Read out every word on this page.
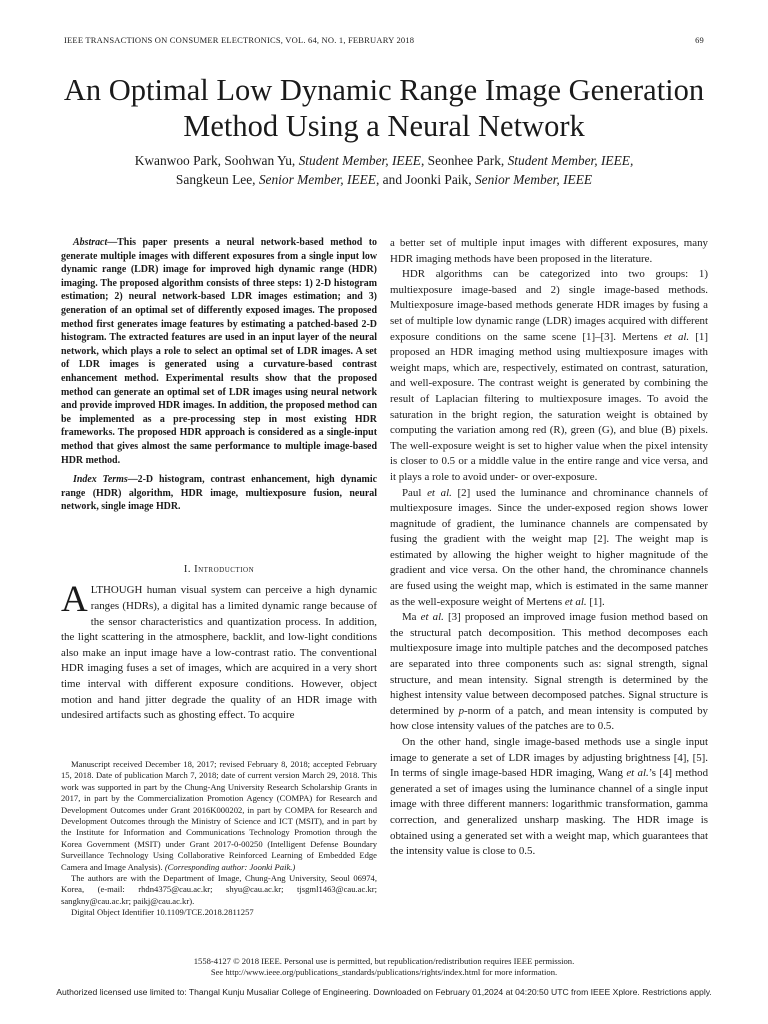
IEEE TRANSACTIONS ON CONSUMER ELECTRONICS, VOL. 64, NO. 1, FEBRUARY 2018	69
An Optimal Low Dynamic Range Image Generation
Method Using a Neural Network
Kwanwoo Park, Soohwan Yu, Student Member, IEEE, Seonhee Park, Student Member, IEEE,
Sangkeun Lee, Senior Member, IEEE, and Joonki Paik, Senior Member, IEEE

Abstract—This paper presents a neural network-based method to generate multiple images with different exposures from a single input low dynamic range (LDR) image for improved high dynamic range (HDR) imaging. The proposed algorithm consists of three steps: 1) 2-D histogram estimation; 2) neural network-based LDR images estimation; and 3) generation of an optimal set of differently exposed images. The proposed method first generates image features by estimating a patched-based 2-D histogram. The extracted features are used in an input layer of the neural network, which plays a role to select an optimal set of LDR images. A set of LDR images is generated using a curvature-based contrast enhancement method. Experimental results show that the proposed method can generate an optimal set of LDR images using neural network and provide improved HDR images. In addition, the proposed method can be implemented as a pre-processing step in most existing HDR frameworks. The proposed HDR approach is considered as a single-input method that gives almost the same performance to multiple image-based HDR method.

Index Terms—2-D histogram, contrast enhancement, high dynamic range (HDR) algorithm, HDR image, multiexposure fusion, neural network, single image HDR.

I. Introduction

ALTHOUGH human visual system can perceive a high dynamic ranges (HDRs), a digital has a limited dynamic range because of the sensor characteristics and quantization process. In addition, the light scattering in the atmosphere, backlit, and low-light conditions also make an input image have a low-contrast ratio. The conventional HDR imaging fuses a set of images, which are acquired in a very short time interval with different exposure conditions. However, object motion and hand jitter degrade the quality of an HDR image with undesired artifacts such as ghosting effect. To acquire

Manuscript received December 18, 2017; revised February 8, 2018; accepted February 15, 2018. Date of publication March 7, 2018; date of current version March 29, 2018. This work was supported in part by the Chung-Ang University Research Scholarship Grants in 2017, in part by the Commercialization Promotion Agency (COMPA) for Research and Development Outcomes under Grant 2016K000202, in part by COMPA for Research and Development Outcomes through the Ministry of Science and ICT (MSIT), and in part by the Institute for Information and Communications Technology Promotion through the Korea Government (MSIT) under Grant 2017-0-00250 (Intelligent Defense Boundary Surveillance Technology Using Collaborative Reinforced Learning of Embedded Edge Camera and Image Analysis). (Corresponding author: Joonki Paik.)

The authors are with the Department of Image, Chung-Ang University, Seoul 06974, Korea, (e-mail: rhdn4375@cau.ac.kr; shyu@cau.ac.kr; tjsgml1463@cau.ac.kr; sangkny@cau.ac.kr; paikj@cau.ac.kr).

Digital Object Identifier 10.1109/TCE.2018.2811257

a better set of multiple input images with different exposures, many HDR imaging methods have been proposed in the literature.

HDR algorithms can be categorized into two groups: 1) multiexposure image-based and 2) single image-based methods. Multiexposure image-based methods generate HDR images by fusing a set of multiple low dynamic range (LDR) images acquired with different exposure conditions on the same scene [1]–[3]. Mertens et al. [1] proposed an HDR imaging method using multiexposure images with weight maps, which are, respectively, estimated on contrast, saturation, and well-exposure. The contrast weight is generated by combining the result of Laplacian filtering to multiexposure images. To avoid the saturation in the bright region, the saturation weight is obtained by computing the variation among red (R), green (G), and blue (B) pixels. The well-exposure weight is set to higher value when the pixel intensity is closer to 0.5 or a middle value in the entire range and vice versa, and it plays a role to avoid under- or over-exposure.

Paul et al. [2] used the luminance and chrominance channels of multiexposure images. Since the under-exposed region shows lower magnitude of gradient, the luminance channels are compensated by fusing the gradient with the weight map [2]. The weight map is estimated by allowing the higher weight to higher magnitude of the gradient and vice versa. On the other hand, the chrominance channels are fused using the weight map, which is estimated in the same manner as the well-exposure weight of Mertens et al. [1].

Ma et al. [3] proposed an improved image fusion method based on the structural patch decomposition. This method decomposes each multiexposure image into multiple patches and the decomposed patches are separated into three components such as: signal strength, signal structure, and mean intensity. Signal strength is determined by the highest intensity value between decomposed patches. Signal structure is determined by p-norm of a patch, and mean intensity is computed by how close intensity values of the patches are to 0.5.

On the other hand, single image-based methods use a single input image to generate a set of LDR images by adjusting brightness [4], [5]. In terms of single image-based HDR imaging, Wang et al.’s [4] method generated a set of images using the luminance channel of a single input image with three different manners: logarithmic transformation, gamma correction, and generalized unsharp masking. The HDR image is obtained using a generated set with a weight map, which guarantees that the intensity value is close to 0.5.

1558-4127 © 2018 IEEE. Personal use is permitted, but republication/redistribution requires IEEE permission.
See http://www.ieee.org/publications_standards/publications/rights/index.html for more information.
Authorized licensed use limited to: Thangal Kunju Musaliar College of Engineering. Downloaded on February 01,2024 at 04:20:50 UTC from IEEE Xplore. Restrictions apply.
